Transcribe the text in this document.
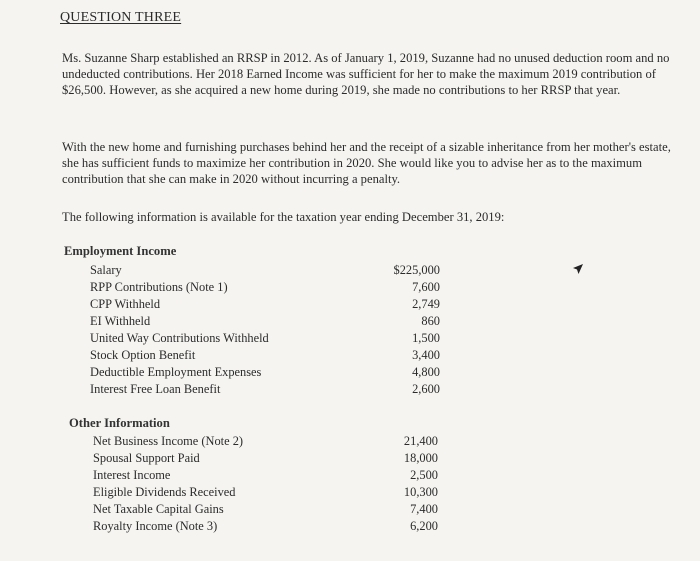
QUESTION THREE

Ms. Suzanne Sharp established an RRSP in 2012. As of January 1, 2019, Suzanne had no unused deduction room and no undeducted contributions. Her 2018 Earned Income was sufficient for her to make the maximum 2019 contribution of $26,500. However, as she acquired a new home during 2019, she made no contributions to her RRSP that year.

With the new home and furnishing purchases behind her and the receipt of a sizable inheritance from her mother's estate, she has sufficient funds to maximize her contribution in 2020. She would like you to advise her as to the maximum contribution that she can make in 2020 without incurring a penalty.

The following information is available for the taxation year ending December 31, 2019:

Employment Income
Salary	$225,000
RPP Contributions (Note 1)	7,600
CPP Withheld	2,749
EI Withheld	860
United Way Contributions Withheld	1,500
Stock Option Benefit	3,400
Deductible Employment Expenses	4,800
Interest Free Loan Benefit	2,600
Other Information
Net Business Income (Note 2)	21,400
Spousal Support Paid	18,000
Interest Income	2,500
Eligible Dividends Received	10,300
Net Taxable Capital Gains	7,400
Royalty Income (Note 3)	6,200
